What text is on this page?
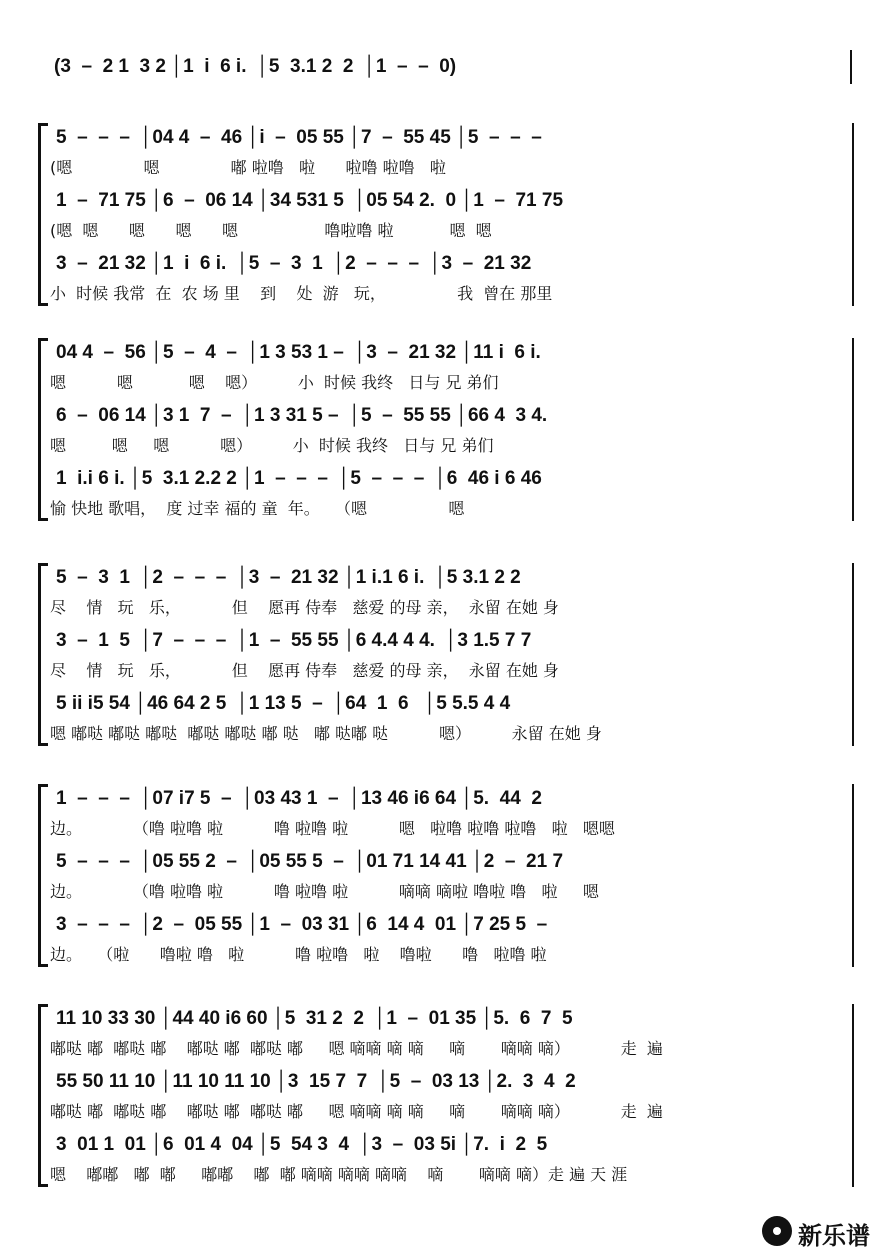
(3  –  2 1  3 2 │1  i  6 i.  │5  3.1 2  2  │1  –  –  0)
5  –  –  –  │04 4  –  46 │i  –  05 55 │7  –  55 45 │5  –  –  –
(嗯              嗯              嘟 啦噜   啦      啦噜 啦噜   啦
1  –  71 75 │6  –  06 14 │34 531 5  │05 54 2.  0 │1  –  71 75
(嗯  嗯      嗯      嗯      嗯                 噜啦噜 啦           嗯  嗯
3  –  21 32 │1  i  6 i.  │5  –  3  1  │2  –  –  –  │3  –  21 32
小  时候 我常  在  农 场 里    到    处  游   玩，              我  曾在 那里
04 4  –  56 │5  –  4  –  │1 3 53 1 –  │3  –  21 32 │11 i  6 i.
嗯          嗯           嗯    嗯）        小  时候 我终   日与 兄 弟们
6  –  06 14 │3 1  7  –  │1 3 31 5 –  │5  –  55 55 │66 4  3 4.
嗯         嗯     嗯          嗯）        小  时候 我终   日与 兄 弟们
1  i.i 6 i. │5  3.1 2.2 2 │1  –  –  –  │5  –  –  –  │6  46 i 6 46
愉 快地 歌唱，  度 过幸 福的 童  年。   （嗯                嗯
5  –  3  1  │2  –  –  –  │3  –  21 32 │1 i.1 6 i.  │5 3.1 2 2
尽    情   玩   乐，          但    愿再 侍奉   慈爱 的母 亲，  永留 在她 身
3  –  1  5  │7  –  –  –  │1  –  55 55 │6 4.4 4 4.  │3 1.5 7 7
尽    情   玩   乐，          但    愿再 侍奉   慈爱 的母 亲，  永留 在她 身
5 ii i5 54 │46 64 2 5  │1 13 5  –  │64  1  6   │5 5.5 4 4
嗯 嘟哒 嘟哒 嘟哒  嘟哒 嘟哒 嘟 哒   嘟 哒嘟 哒          嗯）        永留 在她 身
1  –  –  –  │07 i7 5  –  │03 43 1  –  │13 46 i6 64 │5.  44  2
边。          （噜 啦噜 啦          噜 啦噜 啦          嗯   啦噜 啦噜 啦噜   啦   嗯嗯
5  –  –  –  │05 55 2  –  │05 55 5  –  │01 71 14 41 │2  –  21 7
边。          （噜 啦噜 啦          噜 啦噜 啦          嘀嘀 嘀啦 噜啦 噜   啦     嗯
3  –  –  –  │2  –  05 55 │1  –  03 31 │6  14 4  01 │7 25 5  –
边。   （啦      噜啦 噜   啦          噜 啦噜   啦    噜啦      噜   啦噜 啦
11 10 33 30 │44 40 i6 60 │5  31 2  2  │1  –  01 35 │5.  6  7  5
嘟哒 嘟  嘟哒 嘟    嘟哒 嘟  嘟哒 嘟     嗯 嘀嘀 嘀 嘀     嘀       嘀嘀 嘀）          走  遍
55 50 11 10 │11 10 11 10 │3  15 7  7  │5  –  03 13 │2.  3  4  2
嘟哒 嘟  嘟哒 嘟    嘟哒 嘟  嘟哒 嘟     嗯 嘀嘀 嘀 嘀     嘀       嘀嘀 嘀）          走  遍
3  01 1  01 │6  01 4  04 │5  54 3  4  │3  –  03 5i │7.  i  2  5
嗯    嘟嘟   嘟  嘟     嘟嘟    嘟  嘟 嘀嘀 嘀嘀 嘀嘀    嘀       嘀嘀 嘀）走 遍 天 涯
新乐谱
